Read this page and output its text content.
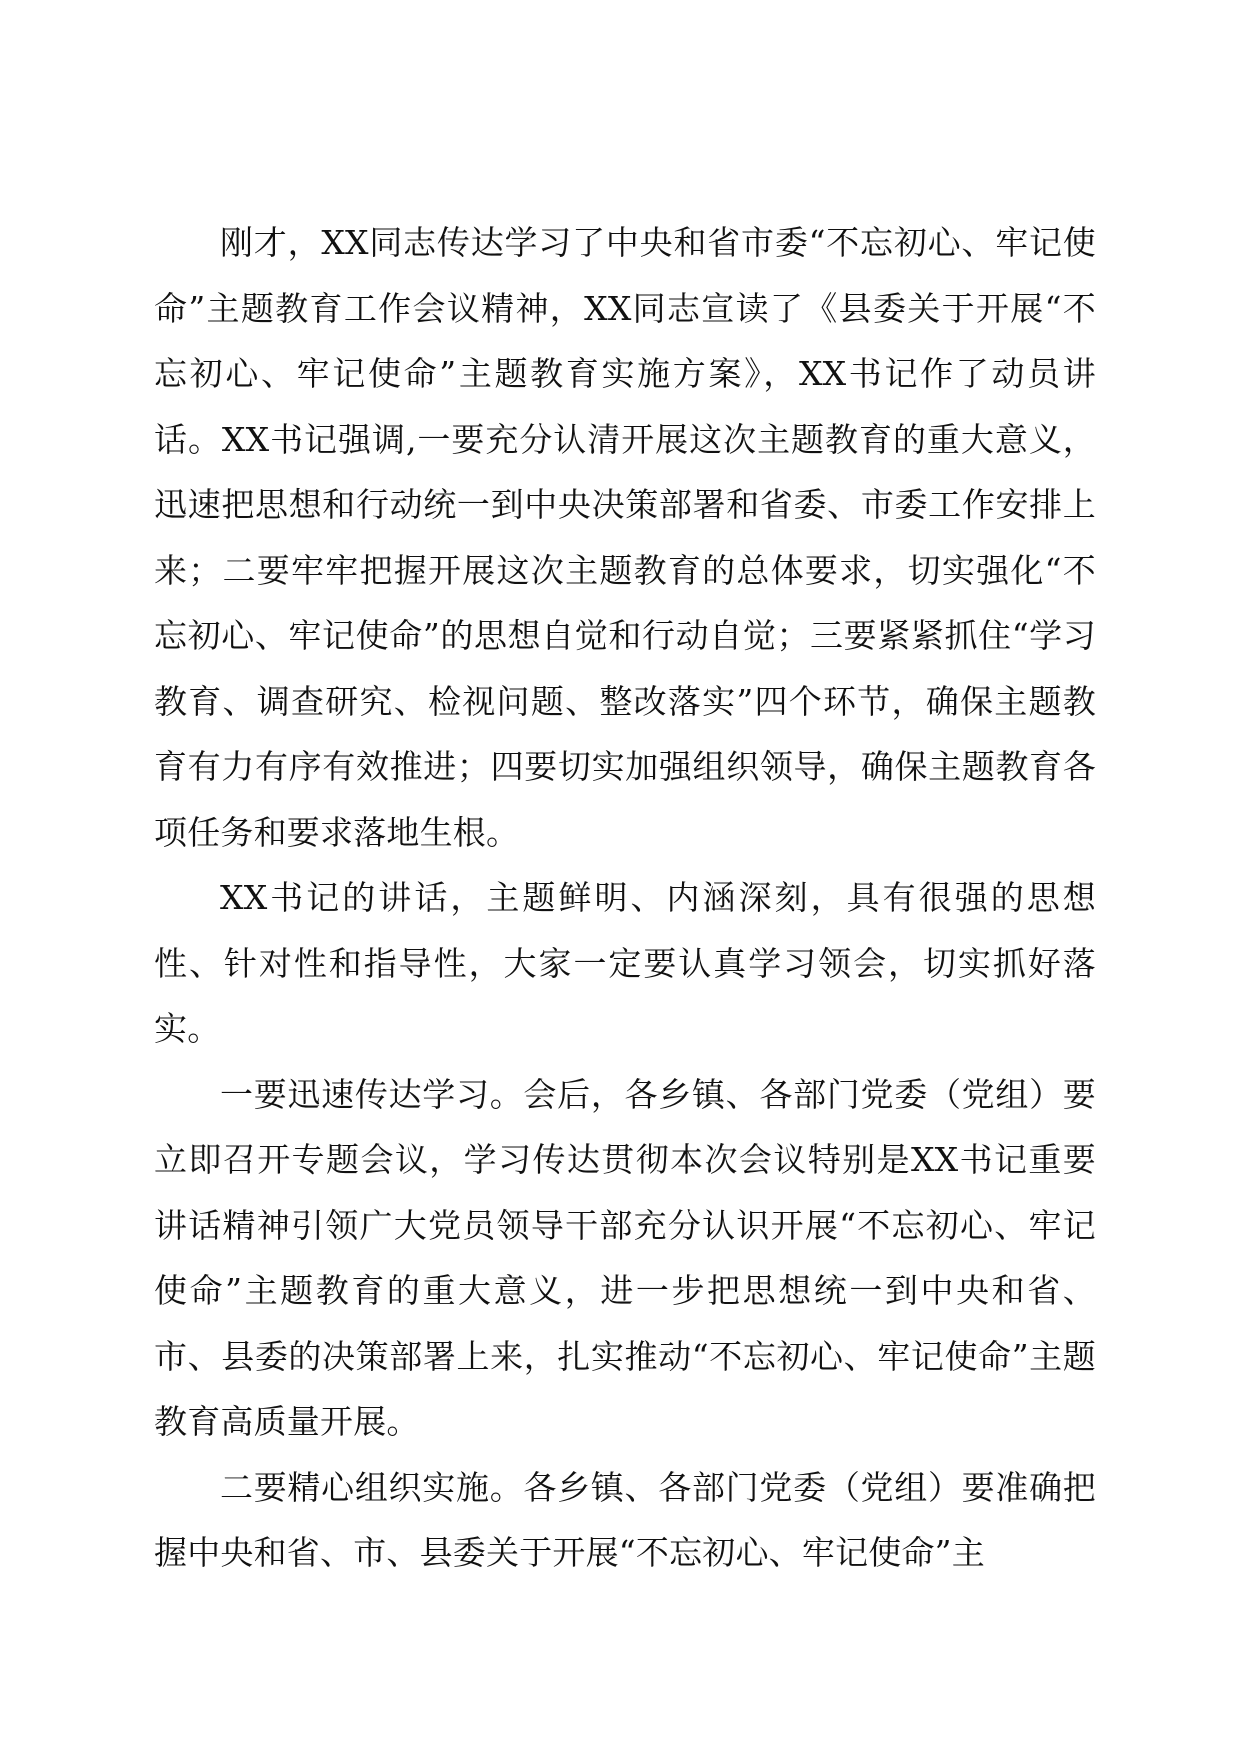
刚才，XX同志传达学习了中央和省市委“不忘初心、牢记使命”主题教育工作会议精神，XX同志宣读了《县委关于开展“不忘初心、牢记使命”主题教育实施方案》，XX书记作了动员讲话。XX书记强调,一要充分认清开展这次主题教育的重大意义，迅速把思想和行动统一到中央决策部署和省委、市委工作安排上来；二要牢牢把握开展这次主题教育的总体要求，切实强化“不忘初心、牢记使命”的思想自觉和行动自觉；三要紧紧抓住“学习教育、调查研究、检视问题、整改落实”四个环节，确保主题教育有力有序有效推进；四要切实加强组织领导，确保主题教育各项任务和要求落地生根。

XX书记的讲话，主题鲜明、内涵深刻，具有很强的思想性、针对性和指导性，大家一定要认真学习领会，切实抓好落实。

一要迅速传达学习。会后，各乡镇、各部门党委（党组）要立即召开专题会议，学习传达贯彻本次会议特别是XX书记重要讲话精神引领广大党员领导干部充分认识开展“不忘初心、牢记使命”主题教育的重大意义，进一步把思想统一到中央和省、市、县委的决策部署上来，扎实推动“不忘初心、牢记使命”主题教育高质量开展。

二要精心组织实施。各乡镇、各部门党委（党组）要准确把握中央和省、市、县委关于开展“不忘初心、牢记使命”主
